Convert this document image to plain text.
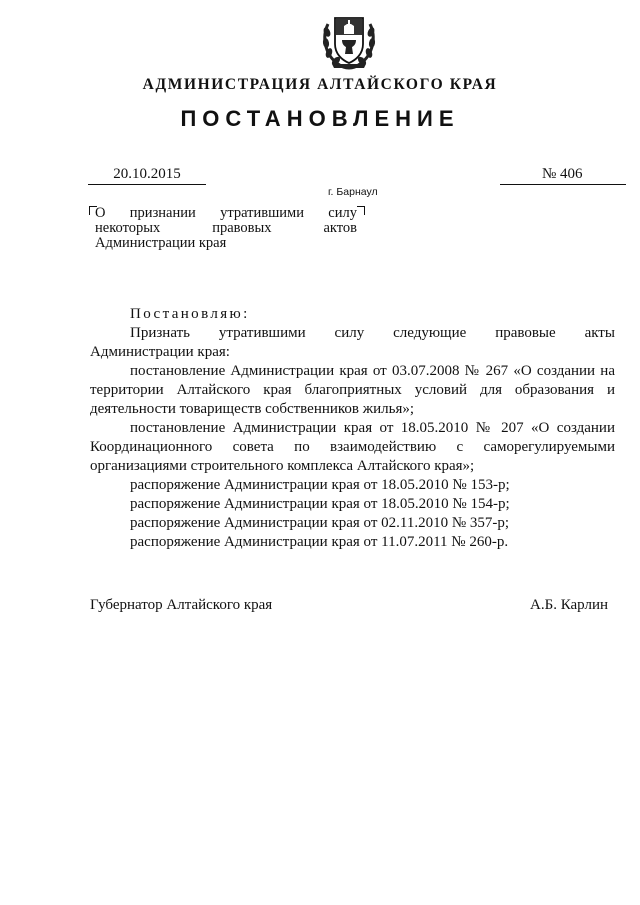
АДМИНИСТРАЦИЯ АЛТАЙСКОГО КРАЯ
ПОСТАНОВЛЕНИЕ
20.10.2015	№ 406
г. Барнаул
О признании утратившими силу
некоторых	правовых	актов
Администрации края

Постановляю:

Признать утратившими силу следующие правовые акты

Администрации края:

постановление Администрации края от 03.07.2008 № 267 «О создании на территории Алтайского края благоприятных условий для образования и деятельности товариществ собственников жилья»;

постановление Администрации края от 18.05.2010 № 207 «О создании Координационного совета по взаимодействию с саморегулируемыми организациями строительного комплекса Алтайского края»;

распоряжение Администрации края от 18.05.2010 № 153-р;

распоряжение Администрации края от 18.05.2010 № 154-р;

распоряжение Администрации края от 02.11.2010 № 357-р;

распоряжение Администрации края от 11.07.2011 № 260-р.

Губернатор Алтайского края	А.Б. Карлин
